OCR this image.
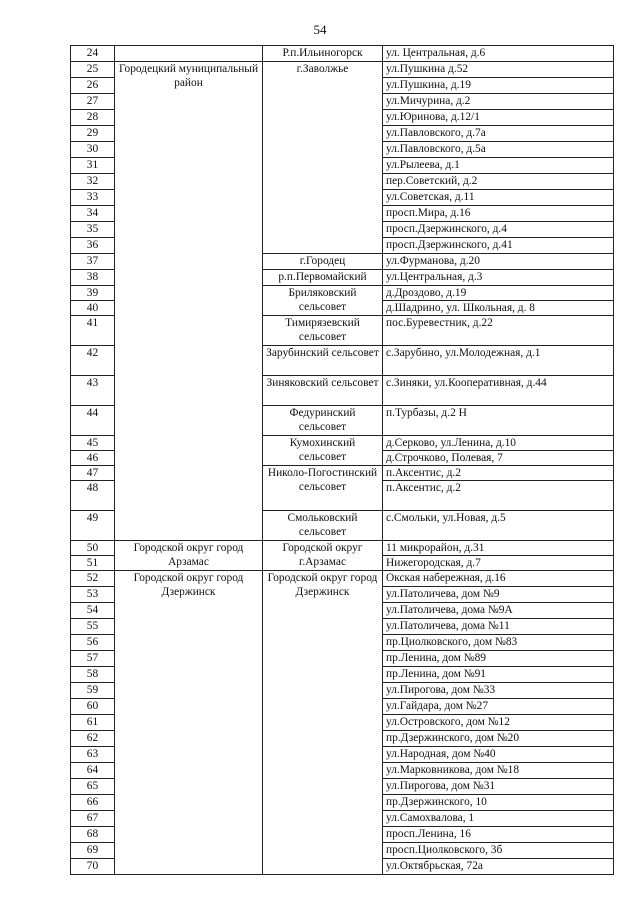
54
24		Р.п.Ильиногорск	ул. Центральная, д.6
25	Городецкий муниципальный район	г.Заволжье	ул.Пушкина д.52
26			ул.Пушкина, д.19
27			ул.Мичурина, д.2
28			ул.Юринова, д.12/1
29			ул.Павловского, д.7а
30			ул.Павловского, д.5а
31			ул.Рылеева, д.1
32			пер.Советский, д.2
33			ул.Советская, д.11
34			просп.Мира, д.16
35			просп.Дзержинского, д.4
36			просп.Дзержинского, д.41
37		г.Городец	ул.Фурманова, д.20
38		р.п.Первомайский	ул.Центральная, д.3
39		Бриляковский сельсовет	д.Дроздово, д.19
40			д.Шадрино, ул. Школьная, д. 8
41		Тимирязевский сельсовет	пос.Буревестник, д.22
42		Зарубинский сельсовет	с.Зарубино, ул.Молодежная, д.1
43		Зиняковский сельсовет	с.Зиняки, ул.Кооперативная, д.44
44		Федуринский сельсовет	п.Турбазы, д.2 Н
45		Кумохинский сельсовет	д.Серково, ул.Ленина, д.10
46			д.Строчково, Полевая, 7
47		Николо-Погостинский сельсовет	п.Аксентис, д.2
48			п.Аксентис, д.2
49		Смольковский сельсовет	с.Смольки, ул.Новая, д.5
50	Городской округ город Арзамас	Городской округ г.Арзамас	11 микрорайон, д.31
51			Нижегородская, д.7
52	Городской округ город Дзержинск	Городской округ город Дзержинск	Окская набережная, д.16
53			ул.Патоличева, дом №9
54			ул.Патоличева, дома №9А
55			ул.Патоличева, дома №11
56			пр.Циолковского, дом №83
57			пр.Ленина, дом №89
58			пр.Ленина, дом №91
59			ул.Пирогова, дом №33
60			ул.Гайдара, дом №27
61			ул.Островского, дом №12
62			пр.Дзержинского, дом №20
63			ул.Народная, дом №40
64			ул.Марковникова, дом №18
65			ул.Пирогова, дом №31
66			пр.Дзержинского, 10
67			ул.Самохвалова, 1
68			просп.Ленина, 16
69			просп.Циолковского, 3б
70			ул.Октябрьская, 72а
